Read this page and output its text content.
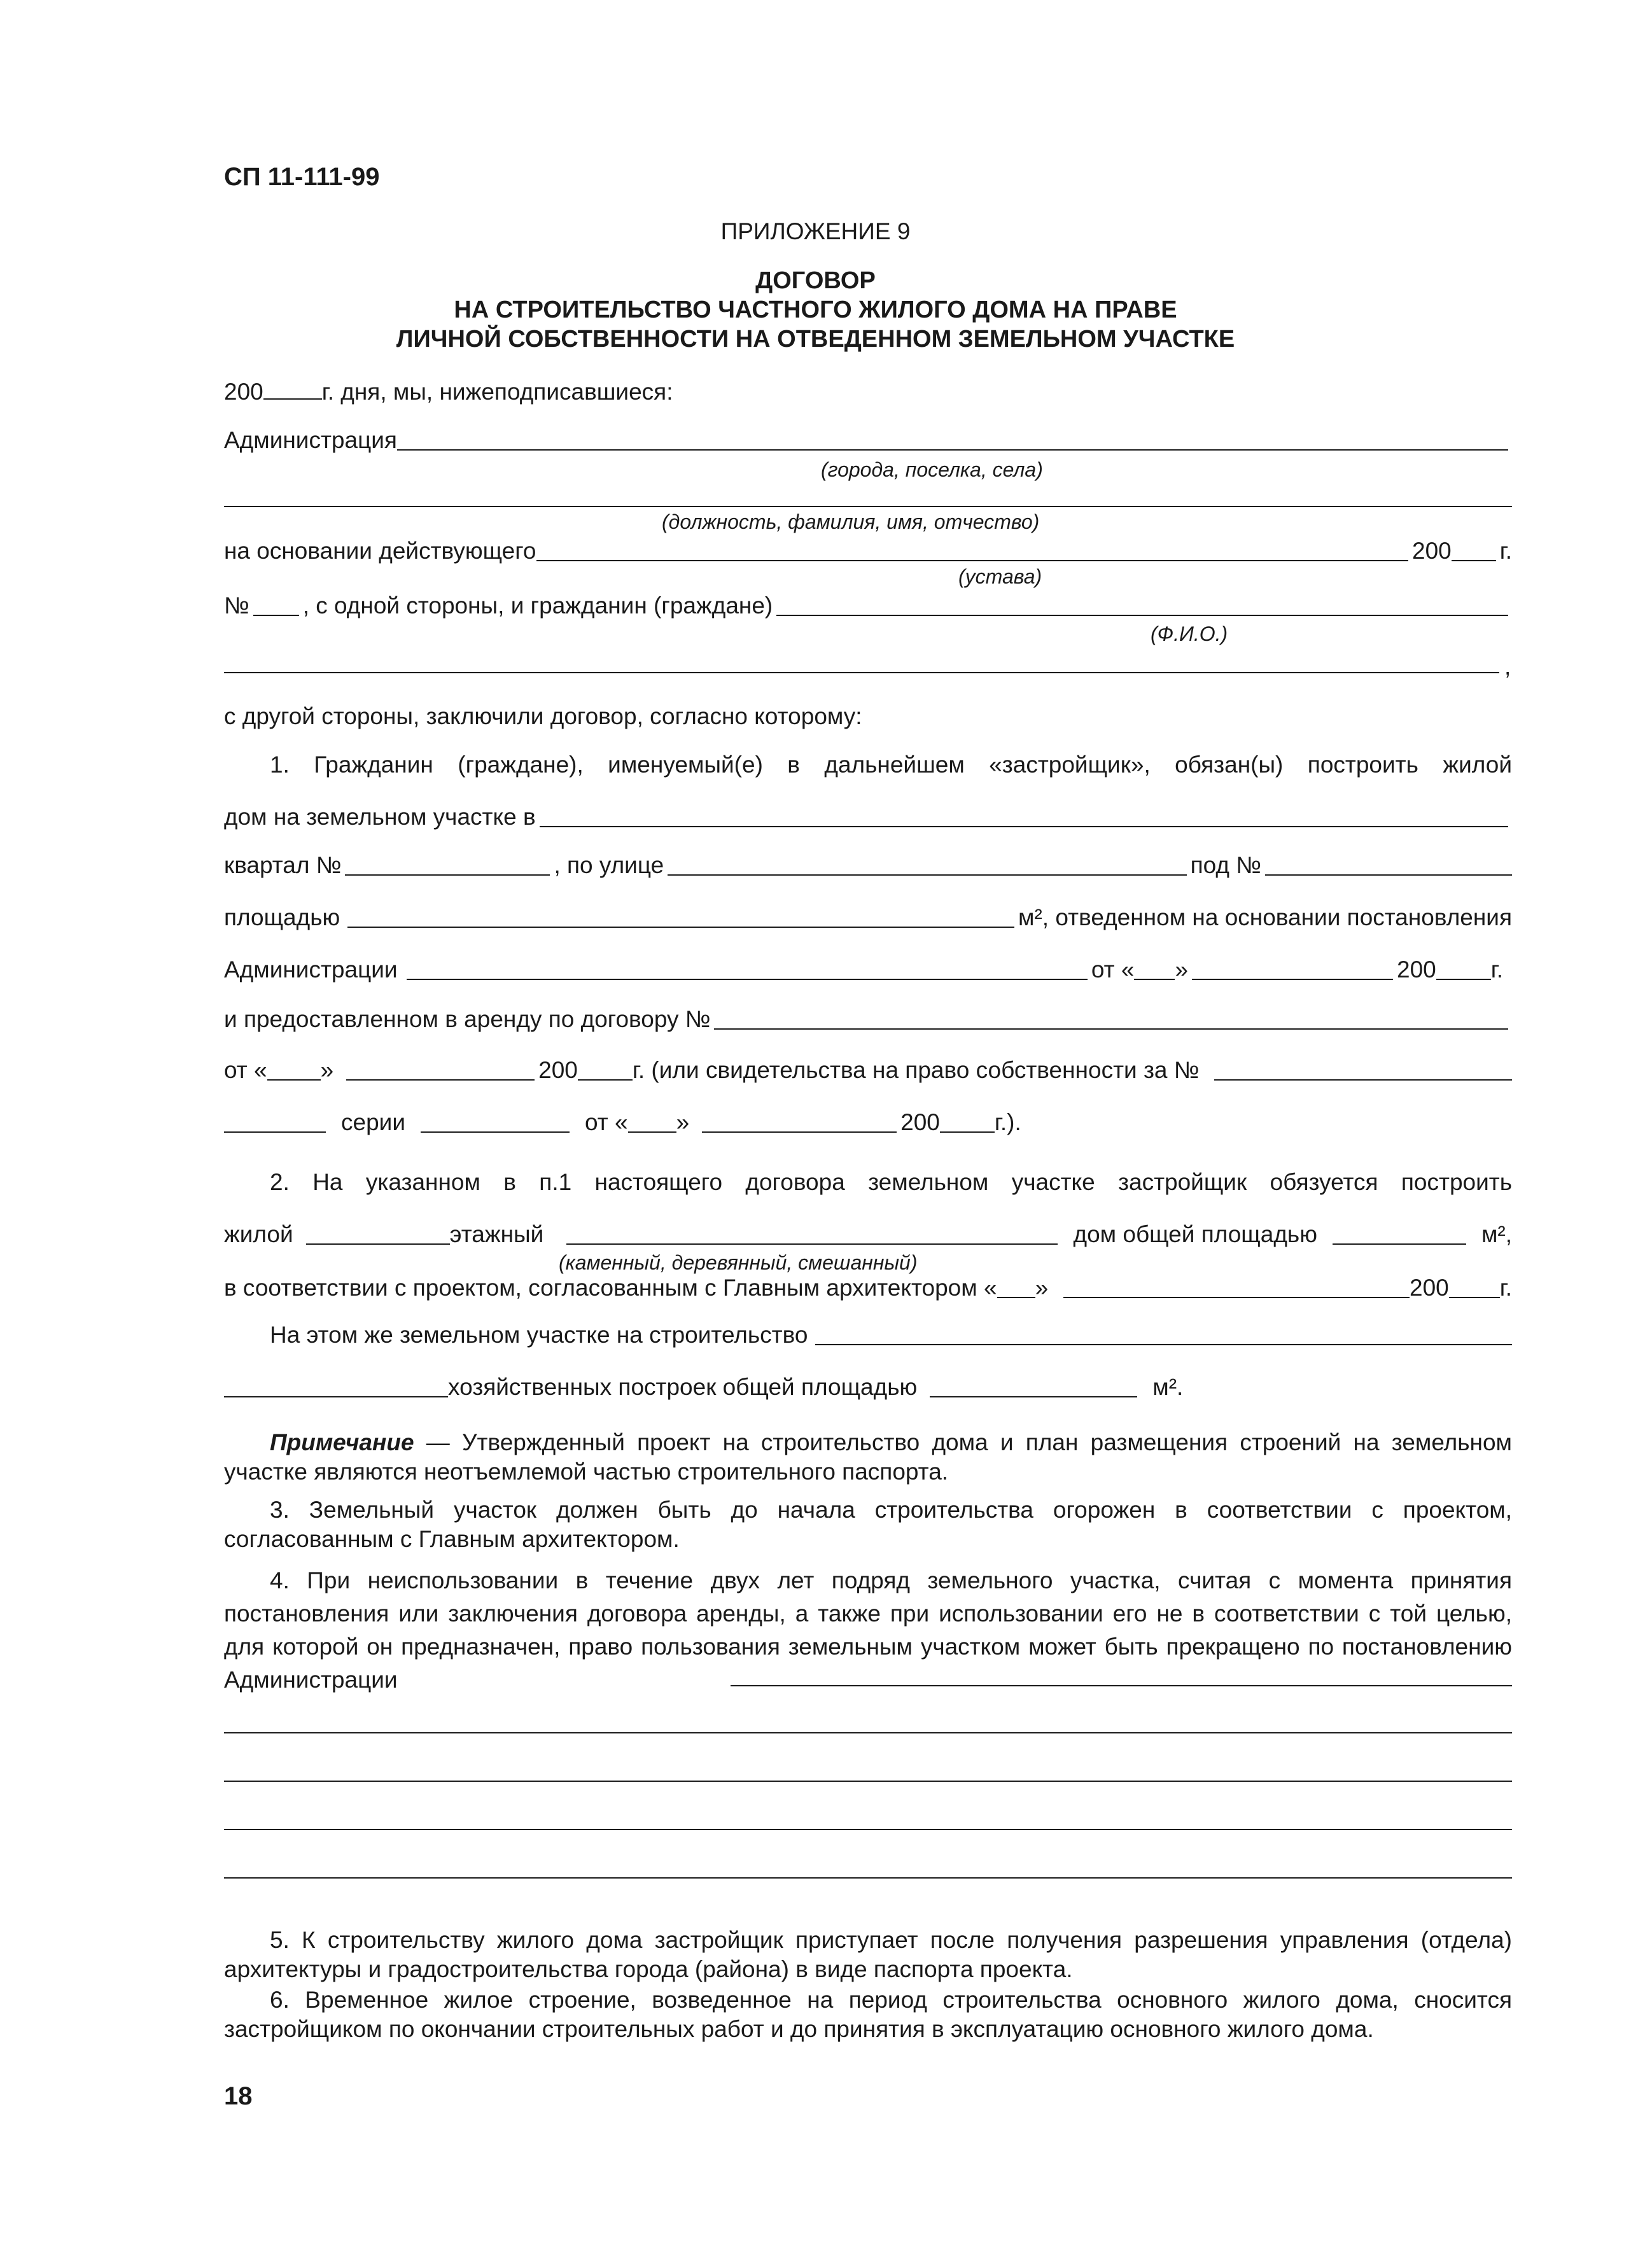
СП 11-111-99
ПРИЛОЖЕНИЕ 9
ДОГОВОР
НА СТРОИТЕЛЬСТВО ЧАСТНОГО ЖИЛОГО ДОМА НА ПРАВЕ
ЛИЧНОЙ СОБСТВЕННОСТИ НА ОТВЕДЕННОМ ЗЕМЕЛЬНОМ УЧАСТКЕ
200 г. дня, мы, нижеподписавшиеся:
Администрация
(города, поселка, села)
(должность, фамилия, имя, отчество)
на основании действующего	200 г.
(устава)
№ , с одной стороны, и гражданин (граждане)
(Ф.И.О.)
,
с другой стороны, заключили договор, согласно которому:
1. Гражданин (граждане), именуемый(е) в дальнейшем «застройщик», обязан(ы) построить жилой
дом на земельном участке в
квартал №	, по улице	под №
площадью	м², отведенном на основании постановления
Администрации	от « »	200 г.
и предоставленном в аренду по договору №
от « »	200 г. (или свидетельства на право собственности за №
серии	от « »	200 г.).
2. На указанном в п.1 настоящего договора земельном участке застройщик обязуется построить
жилой	этажный	дом общей площадью	м²,
(каменный, деревянный, смешанный)
в соответствии с проектом, согласованным с Главным архитектором « »	200 г.
На этом же земельном участке на строительство
хозяйственных построек общей площадью	м².
Примечание — Утвержденный проект на строительство дома и план размещения строений на земельном участке являются неотъемлемой частью строительного паспорта.
3. Земельный участок должен быть до начала строительства огорожен в соответствии с проектом, согласованным с Главным архитектором.
4. При неиспользовании в течение двух лет подряд земельного участка, считая с момента принятия постановления или заключения договора аренды, а также при использовании его не в соответствии с той целью, для которой он предназначен, право пользования земельным участком может быть прекращено по постановлению Администрации
5. К строительству жилого дома застройщик приступает после получения разрешения управления (отдела) архитектуры и градостроительства города (района) в виде паспорта проекта.
6. Временное жилое строение, возведенное на период строительства основного жилого дома, сносится застройщиком по окончании строительных работ и до принятия в эксплуатацию основного жилого дома.
18
